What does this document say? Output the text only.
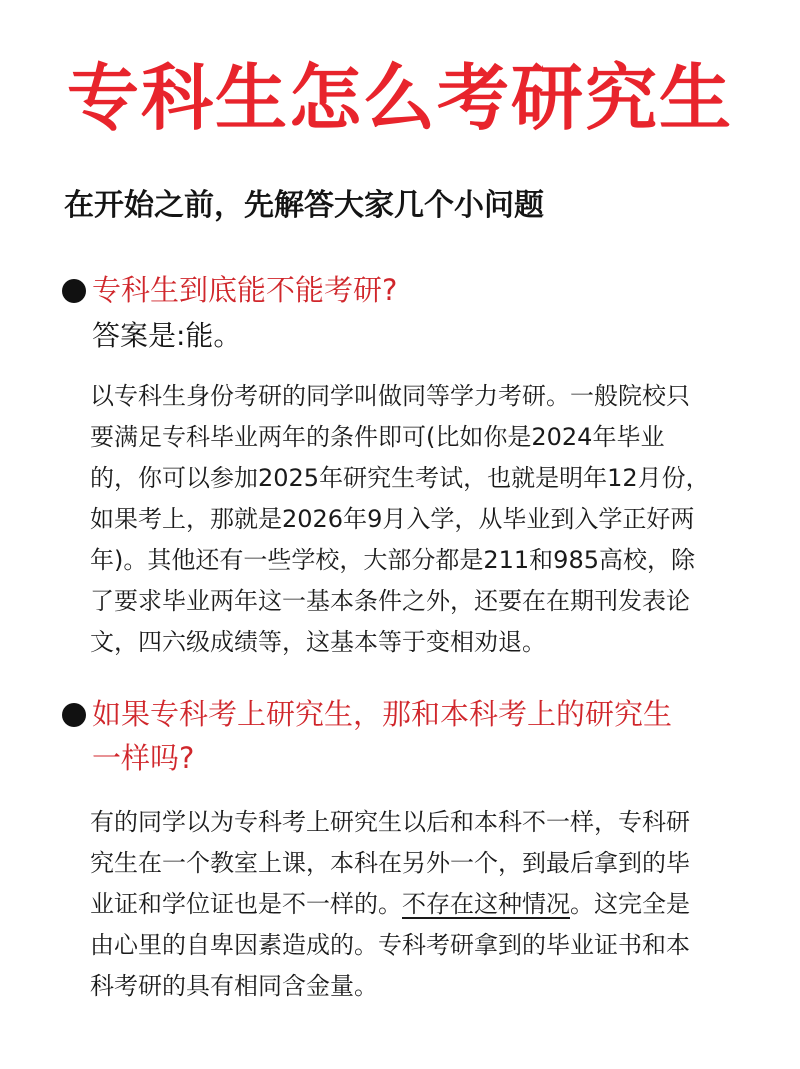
专科生怎么考研究生
在开始之前，先解答大家几个小问题
专科生到底能不能考研?
答案是:能。
以专科生身份考研的同学叫做同等学力考研。一般院校只
要满足专科毕业两年的条件即可(比如你是2024年毕业
的，你可以参加2025年研究生考试，也就是明年12月份，
如果考上，那就是2026年9月入学，从毕业到入学正好两
年)。其他还有一些学校，大部分都是211和985高校，除
了要求毕业两年这一基本条件之外，还要在在期刊发表论
文，四六级成绩等，这基本等于变相劝退。
如果专科考上研究生，那和本科考上的研究生
一样吗?
有的同学以为专科考上研究生以后和本科不一样，专科研
究生在一个教室上课，本科在另外一个，到最后拿到的毕
业证和学位证也是不一样的。不存在这种情况。这完全是
由心里的自卑因素造成的。专科考研拿到的毕业证书和本
科考研的具有相同含金量。
